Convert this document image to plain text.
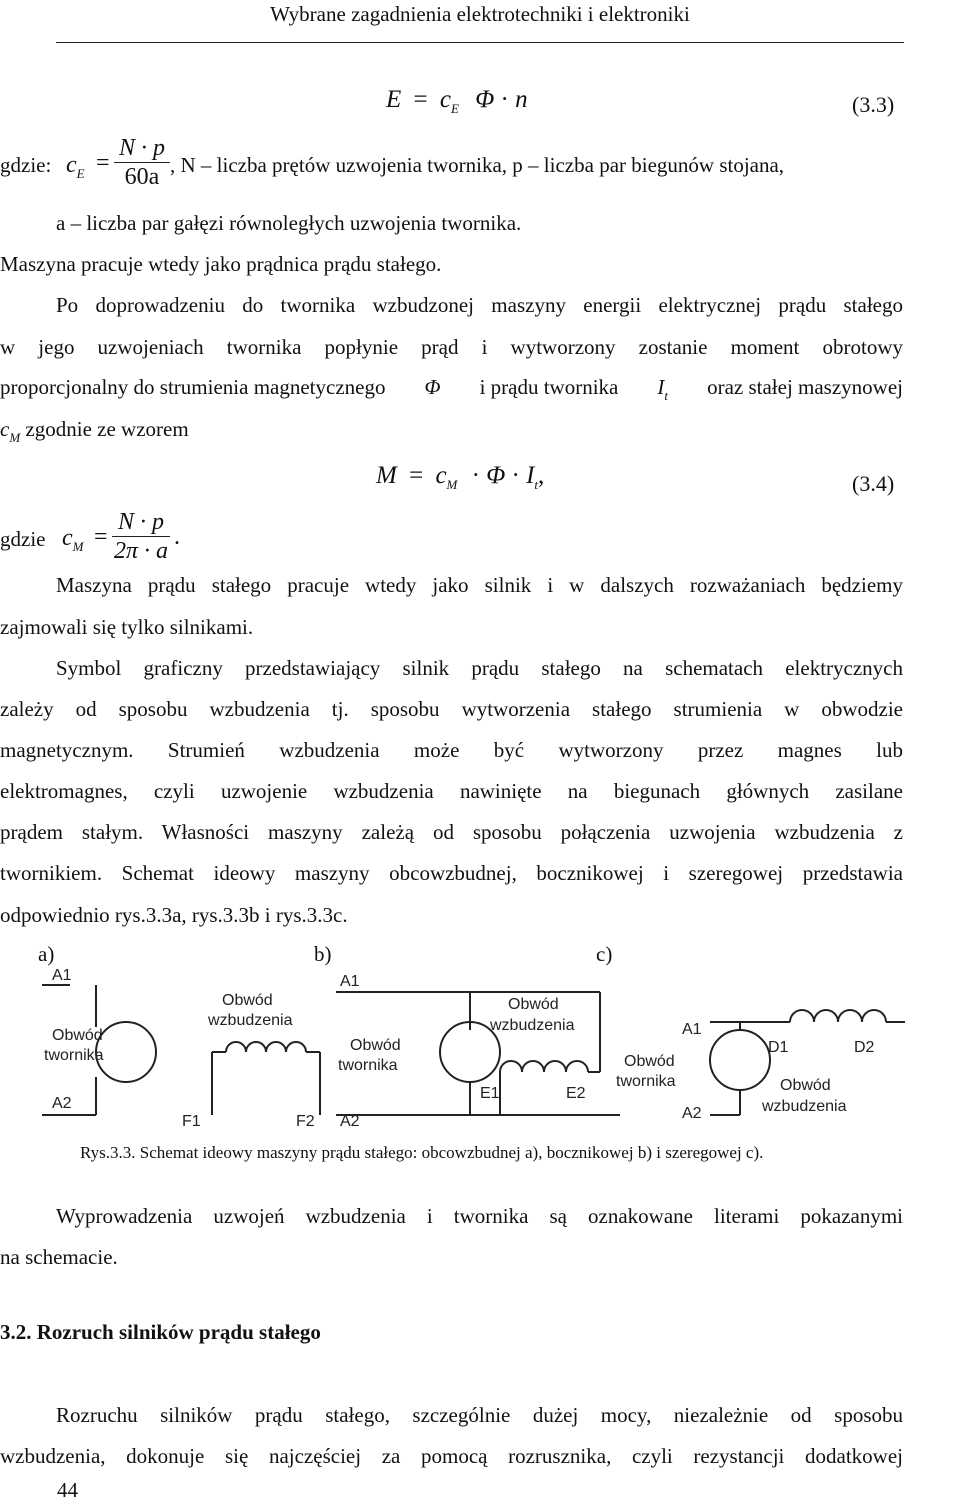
Wybrane zagadnienia elektrotechniki i elektroniki
$E = c_E$ Φ · n	(3.3)
gdzie: $c_E$ =
N · p
60a , N – liczba prętów uzwojenia twornika, p – liczba par biegunów stojana,
a – liczba par gałęzi równoległych uzwojenia twornika.
Maszyna pracuje wtedy jako prądnica prądu stałego.
Po doprowadzeniu do twornika wzbudzonej maszyny energii elektrycznej prądu stałego
w jego uzwojeniach twornika popłynie prąd i wytworzony zostanie moment obrotowy
proporcjonalny do strumienia magnetycznego Φ i prądu twornika $I_t$ oraz stałej maszynowej
$c_M$ zgodnie ze wzorem
$M = c_M \cdot \Phi \cdot I_t$,	(3.4)
gdzie $c_M$ =
N · p
2π · a
.
Maszyna prądu stałego pracuje wtedy jako silnik i w dalszych rozważaniach będziemy
zajmowali się tylko silnikami.
Symbol graficzny przedstawiający silnik prądu stałego na schematach elektrycznych
zależy od sposobu wzbudzenia tj. sposobu wytworzenia stałego strumienia w obwodzie
magnetycznym. Strumień wzbudzenia może być wytworzony przez magnes lub
elektromagnes, czyli uzwojenie wzbudzenia nawinięte na biegunach głównych zasilane
prądem stałym. Własności maszyny zależą od sposobu połączenia uzwojenia wzbudzenia z
twornikiem. Schemat ideowy maszyny obcowzbudnej, bocznikowej i szeregowej przedstawia
odpowiednio rys.3.3a, rys.3.3b i rys.3.3c.
a)	b)	c)
A1
Obwód
twornika
A2
Obwód
wzbudzenia
F1	F2
A1
Obwód
twornika
A2
Obwód
wzbudzenia
E1	E2
A1
Obwód
twornika
A2
D1	D2
Obwód
wzbudzenia
Rys.3.3. Schemat ideowy maszyny prądu stałego: obcowzbudnej a), bocznikowej b) i szeregowej c).
Wyprowadzenia uzwojeń wzbudzenia i twornika są oznakowane literami pokazanymi
na schemacie.
3.2. Rozruch silników prądu stałego
Rozruchu silników prądu stałego, szczególnie dużej mocy, niezależnie od sposobu
wzbudzenia, dokonuje się najczęściej za pomocą rozrusznika, czyli rezystancji dodatkowej
44
